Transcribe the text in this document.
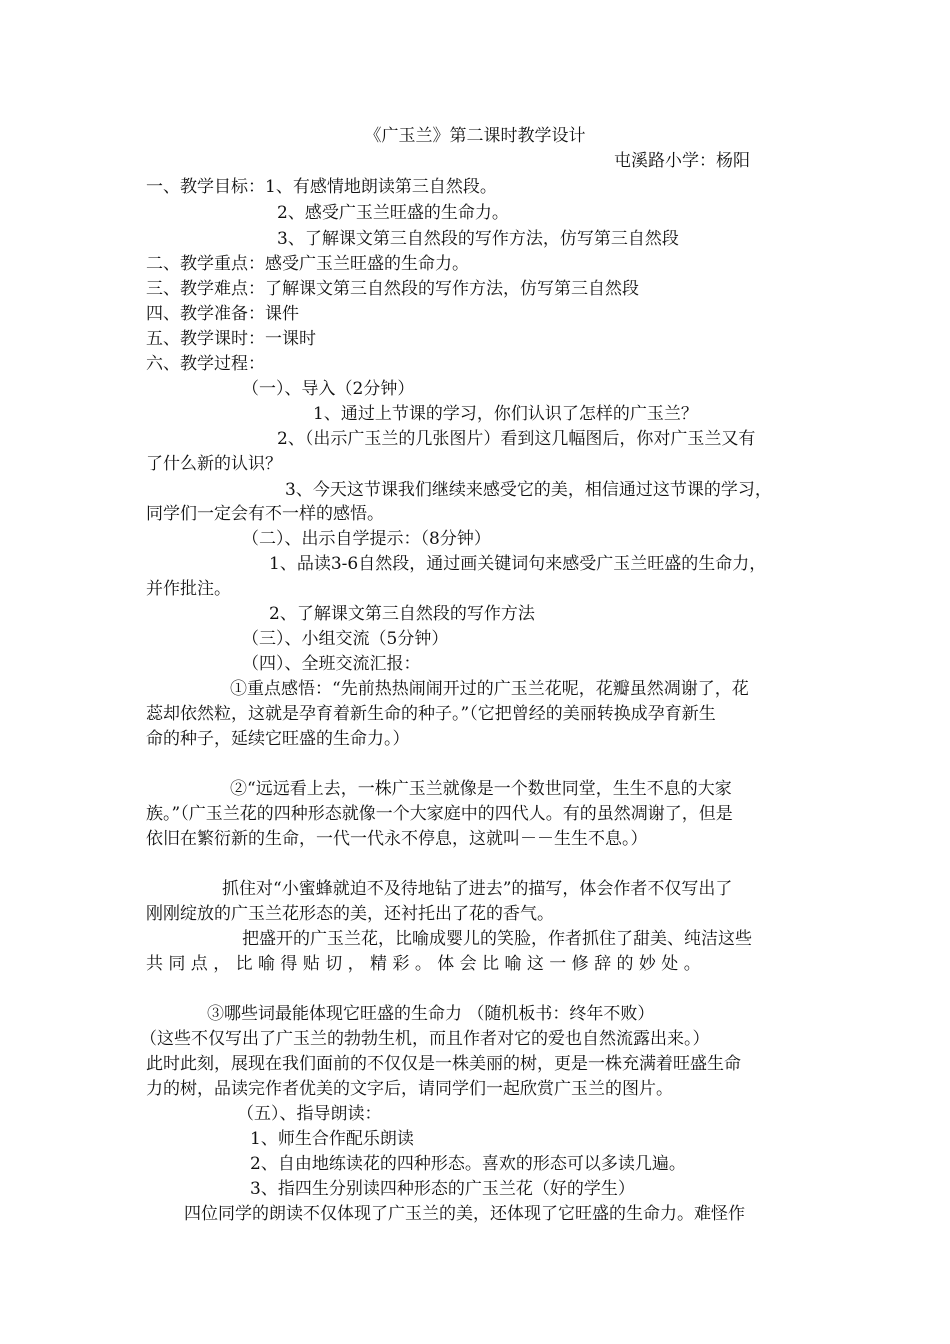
《广玉兰》第二课时教学设计
屯溪路小学：杨阳
一、教学目标：1、有感情地朗读第三自然段。
2、感受广玉兰旺盛的生命力。
3、了解课文第三自然段的写作方法，仿写第三自然段
二、教学重点：感受广玉兰旺盛的生命力。
三、教学难点：了解课文第三自然段的写作方法，仿写第三自然段
四、教学准备：课件
五、教学课时：一课时
六、教学过程：
（一）、导入（2分钟）
1、通过上节课的学习，你们认识了怎样的广玉兰？
2、（出示广玉兰的几张图片）看到这几幅图后，你对广玉兰又有
了什么新的认识？
3、今天这节课我们继续来感受它的美，相信通过这节课的学习，
同学们一定会有不一样的感悟。
（二）、出示自学提示：（8分钟）
1、品读3-6自然段，通过画关键词句来感受广玉兰旺盛的生命力，
并作批注。
2、了解课文第三自然段的写作方法
（三）、小组交流（5分钟）
（四）、全班交流汇报：
①重点感悟：“先前热热闹闹开过的广玉兰花呢，花瓣虽然凋谢了，花
蕊却依然粒，这就是孕育着新生命的种子。”（它把曾经的美丽转换成孕育新生
命的种子，延续它旺盛的生命力。）
②“远远看上去，一株广玉兰就像是一个数世同堂，生生不息的大家
族。”（广玉兰花的四种形态就像一个大家庭中的四代人。有的虽然凋谢了，但是
依旧在繁衍新的生命，一代一代永不停息，这就叫－－生生不息。）
抓住对“小蜜蜂就迫不及待地钻了进去”的描写，体会作者不仅写出了
刚刚绽放的广玉兰花形态的美，还衬托出了花的香气。
把盛开的广玉兰花，比喻成婴儿的笑脸，作者抓住了甜美、纯洁这些
共 同 点 ， 比 喻 得 贴 切 ， 精 彩 。 体 会 比 喻 这 一 修 辞 的 妙 处 。
③哪些词最能体现它旺盛的生命力 （随机板书：终年不败）
（这些不仅写出了广玉兰的勃勃生机，而且作者对它的爱也自然流露出来。）
此时此刻，展现在我们面前的不仅仅是一株美丽的树，更是一株充满着旺盛生命
力的树，品读完作者优美的文字后，请同学们一起欣赏广玉兰的图片。
（五）、指导朗读：
1、师生合作配乐朗读
2、自由地练读花的四种形态。喜欢的形态可以多读几遍。
3、指四生分别读四种形态的广玉兰花（好的学生）
四位同学的朗读不仅体现了广玉兰的美，还体现了它旺盛的生命力。难怪作
